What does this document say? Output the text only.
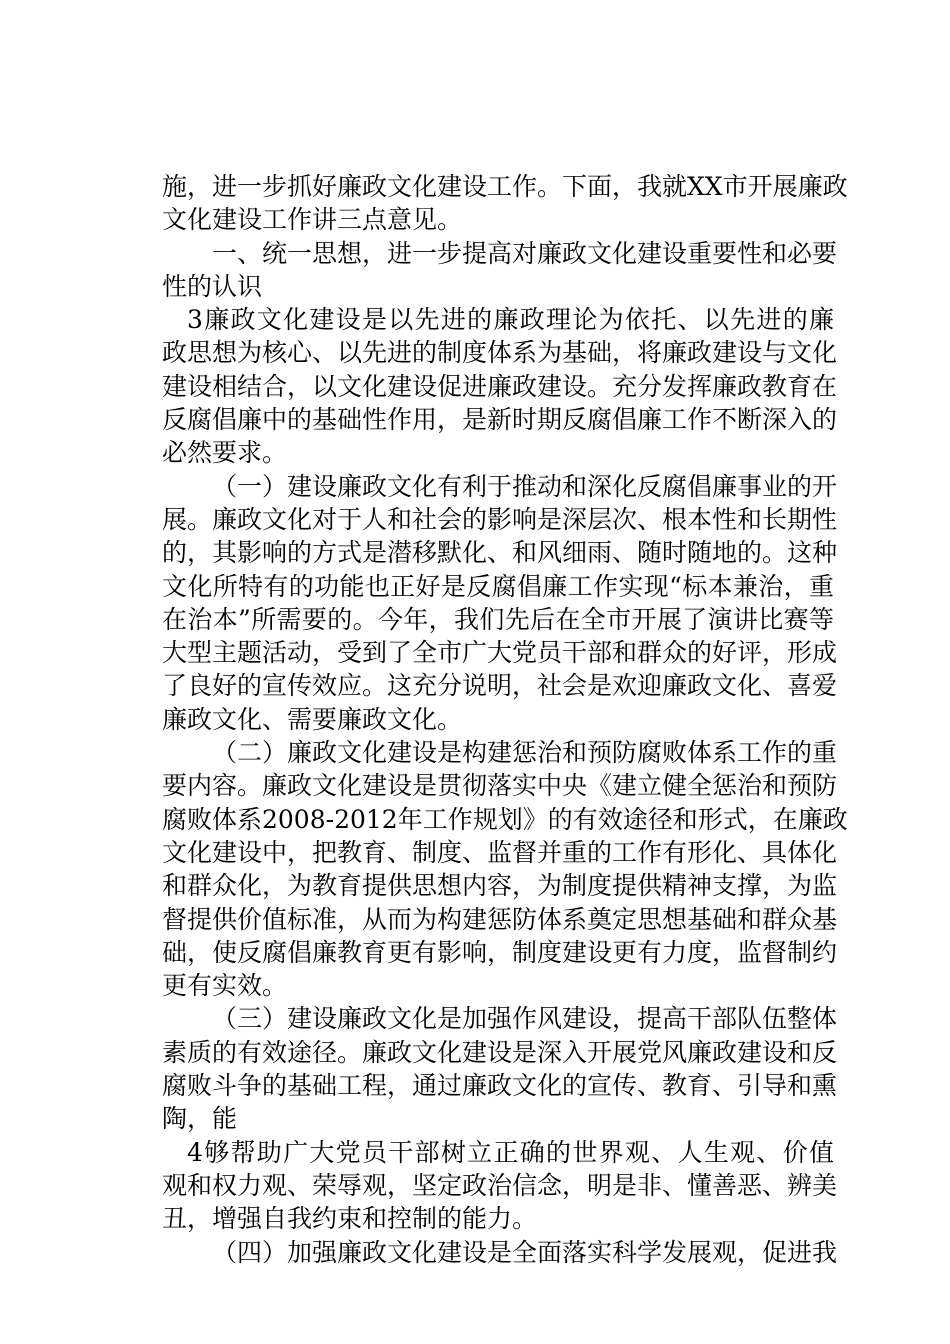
施，进一步抓好廉政文化建设工作。下面，我就XX市开展廉政
文化建设工作讲三点意见。
一、统一思想，进一步提高对廉政文化建设重要性和必要
性的认识
3廉政文化建设是以先进的廉政理论为依托、以先进的廉
政思想为核心、以先进的制度体系为基础，将廉政建设与文化
建设相结合，以文化建设促进廉政建设。充分发挥廉政教育在
反腐倡廉中的基础性作用，是新时期反腐倡廉工作不断深入的
必然要求。
（一）建设廉政文化有利于推动和深化反腐倡廉事业的开
展。廉政文化对于人和社会的影响是深层次、根本性和长期性
的，其影响的方式是潜移默化、和风细雨、随时随地的。这种
文化所特有的功能也正好是反腐倡廉工作实现“标本兼治，重
在治本”所需要的。今年，我们先后在全市开展了演讲比赛等
大型主题活动，受到了全市广大党员干部和群众的好评，形成
了良好的宣传效应。这充分说明，社会是欢迎廉政文化、喜爱
廉政文化、需要廉政文化。
（二）廉政文化建设是构建惩治和预防腐败体系工作的重
要内容。廉政文化建设是贯彻落实中央《建立健全惩治和预防
腐败体系2008-2012年工作规划》的有效途径和形式，在廉政
文化建设中，把教育、制度、监督并重的工作有形化、具体化
和群众化，为教育提供思想内容，为制度提供精神支撑，为监
督提供价值标准，从而为构建惩防体系奠定思想基础和群众基
础，使反腐倡廉教育更有影响，制度建设更有力度，监督制约
更有实效。
（三）建设廉政文化是加强作风建设，提高干部队伍整体
素质的有效途径。廉政文化建设是深入开展党风廉政建设和反
腐败斗争的基础工程，通过廉政文化的宣传、教育、引导和熏
陶，能
4够帮助广大党员干部树立正确的世界观、人生观、价值
观和权力观、荣辱观，坚定政治信念，明是非、懂善恶、辨美
丑，增强自我约束和控制的能力。
（四）加强廉政文化建设是全面落实科学发展观，促进我
